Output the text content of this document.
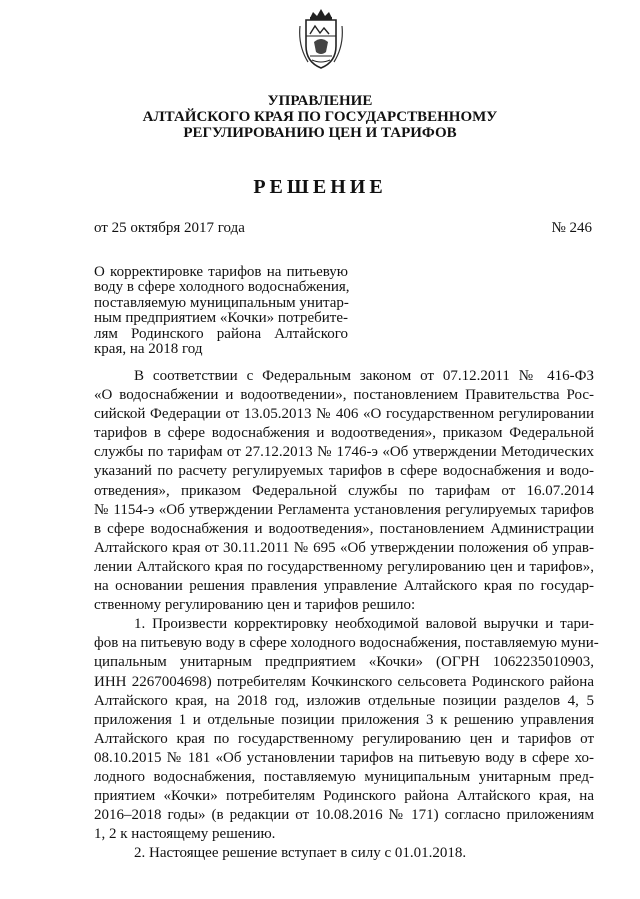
УПРАВЛЕНИЕ
АЛТАЙСКОГО КРАЯ ПО ГОСУДАРСТВЕННОМУ
РЕГУЛИРОВАНИЮ ЦЕН И ТАРИФОВ
РЕШЕНИЕ
от 25 октября 2017 года	№ 246
О корректировке тарифов на питьевую
воду в сфере холодного водоснабжения,
поставляемую муниципальным унитар-
ным предприятием «Кочки» потребите-
лям Родинского района Алтайского
края, на 2018 год
В соответствии с Федеральным законом от 07.12.2011 № 416-ФЗ
«О водоснабжении и водоотведении», постановлением Правительства Рос-
сийской Федерации от 13.05.2013 № 406 «О государственном регулировании
тарифов в сфере водоснабжения и водоотведения», приказом Федеральной
службы по тарифам от 27.12.2013 № 1746-э «Об утверждении Методических
указаний по расчету регулируемых тарифов в сфере водоснабжения и водо-
отведения», приказом Федеральной службы по тарифам от 16.07.2014
№ 1154-э «Об утверждении Регламента установления регулируемых тарифов
в сфере водоснабжения и водоотведения», постановлением Администрации
Алтайского края от 30.11.2011 № 695 «Об утверждении положения об управ-
лении Алтайского края по государственному регулированию цен и тарифов»,
на основании решения правления управление Алтайского края по государ-
ственному регулированию цен и тарифов решило:
1. Произвести корректировку необходимой валовой выручки и тари-
фов на питьевую воду в сфере холодного водоснабжения, поставляемую муни-
ципальным унитарным предприятием «Кочки» (ОГРН 1062235010903,
ИНН 2267004698) потребителям Кочкинского сельсовета Родинского района
Алтайского края, на 2018 год, изложив отдельные позиции разделов 4, 5
приложения 1 и отдельные позиции приложения 3 к решению управления
Алтайского края по государственному регулированию цен и тарифов от
08.10.2015 № 181 «Об установлении тарифов на питьевую воду в сфере хо-
лодного водоснабжения, поставляемую муниципальным унитарным пред-
приятием «Кочки» потребителям Родинского района Алтайского края, на
2016–2018 годы» (в редакции от 10.08.2016 № 171) согласно приложениям
1, 2 к настоящему решению.
2. Настоящее решение вступает в силу с 01.01.2018.
